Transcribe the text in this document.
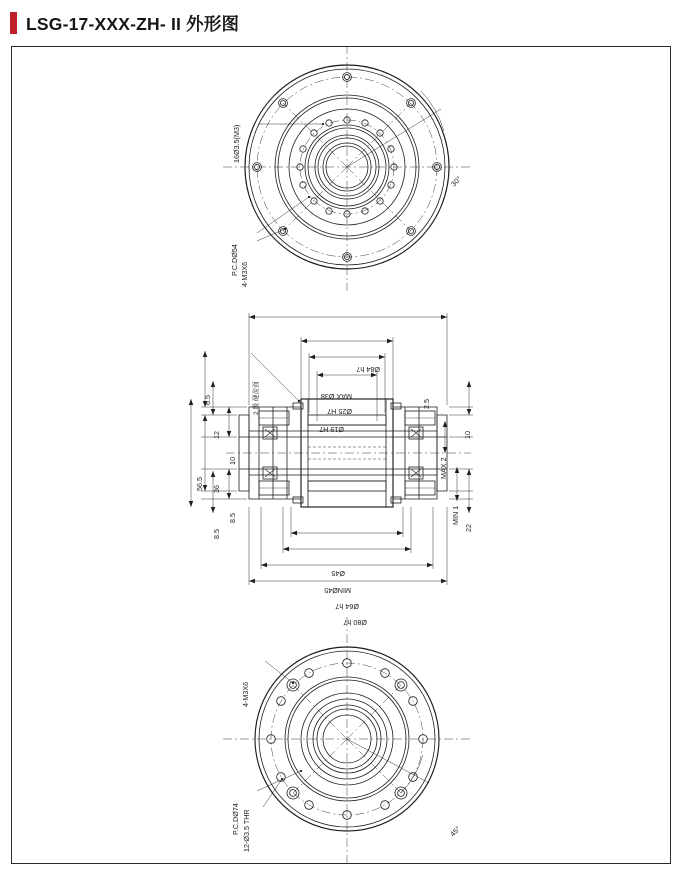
LSG-17-XXX-ZH- II 外形图
16Ø3.5(M3)
30°
P.C.DØ54 4-M3X6
Ø84 h7
2 级 硬齿面	MAX Ø38
Ø25 H7
Ø19 H7
6.5	2.5
12	10
10	MAX 2
36
56.5
8.5
8.5
MIN 1
22
Ø45
MINØ45
Ø64 h7
Ø80 h7
4-M3X6
45°
P.C.DØ74 12-Ø3.5 THR
